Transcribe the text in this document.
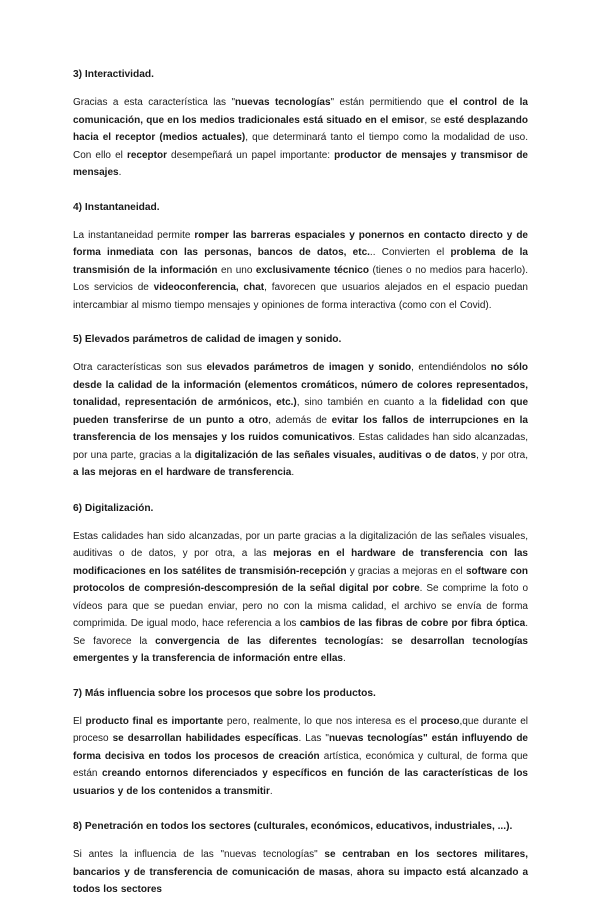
3) Interactividad.

Gracias a esta característica las "nuevas tecnologías" están permitiendo que el control de la comunicación, que en los medios tradicionales está situado en el emisor, se esté desplazando hacia el receptor (medios actuales), que determinará tanto el tiempo como la modalidad de uso. Con ello el receptor desempeñará un papel importante: productor de mensajes y transmisor de mensajes.

4) Instantaneidad.

La instantaneidad permite romper las barreras espaciales y ponernos en contacto directo y de forma inmediata con las personas, bancos de datos, etc... Convierten el problema de la transmisión de la información en uno exclusivamente técnico (tienes o no medios para hacerlo). Los servicios de videoconferencia, chat, favorecen que usuarios alejados en el espacio puedan intercambiar al mismo tiempo mensajes y opiniones de forma interactiva (como con el Covid).

5) Elevados parámetros de calidad de imagen y sonido.

Otra características son sus elevados parámetros de imagen y sonido, entendiéndolos no sólo desde la calidad de la información (elementos cromáticos, número de colores representados, tonalidad, representación de armónicos, etc.), sino también en cuanto a la fidelidad con que pueden transferirse de un punto a otro, además de evitar los fallos de interrupciones en la transferencia de los mensajes y los ruidos comunicativos. Estas calidades han sido alcanzadas, por una parte, gracias a la digitalización de las señales visuales, auditivas o de datos, y por otra, a las mejoras en el hardware de transferencia.

6) Digitalización.

Estas calidades han sido alcanzadas, por un parte gracias a la digitalización de las señales visuales, auditivas o de datos, y por otra, a las mejoras en el hardware de transferencia con las modificaciones en los satélites de transmisión-recepción y gracias a mejoras en el software con protocolos de compresión-descompresión de la señal digital por cobre. Se comprime la foto o vídeos para que se puedan enviar, pero no con la misma calidad, el archivo se envía de forma comprimida. De igual modo, hace referencia a los cambios de las fibras de cobre por fibra óptica. Se favorece la convergencia de las diferentes tecnologías: se desarrollan tecnologías emergentes y la transferencia de información entre ellas.

7) Más influencia sobre los procesos que sobre los productos.

El producto final es importante pero, realmente, lo que nos interesa es el proceso,que durante el proceso se desarrollan habilidades específicas. Las "nuevas tecnologías" están influyendo de forma decisiva en todos los procesos de creación artística, económica y cultural, de forma que están creando entornos diferenciados y específicos en función de las características de los usuarios y de los contenidos a transmitir.

8) Penetración en todos los sectores (culturales, económicos, educativos, industriales, ...).

Si antes la influencia de las "nuevas tecnologías" se centraban en los sectores militares, bancarios y de transferencia de comunicación de masas, ahora su impacto está alcanzado a todos los sectores
